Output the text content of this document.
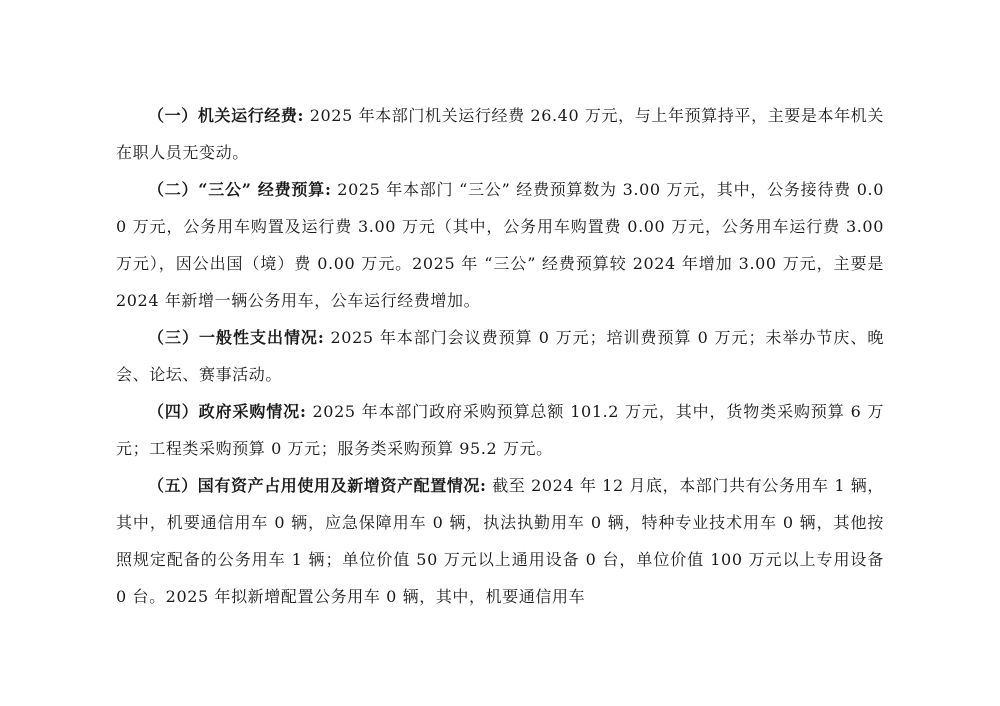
（一）机关运行经费: 2025 年本部门机关运行经费 26.40 万元，与上年预算持平，主要是本年机关在职人员无变动。

（二）“三公” 经费预算: 2025 年本部门 “三公” 经费预算数为 3.00 万元，其中，公务接待费 0.00 万元，公务用车购置及运行费 3.00 万元（其中，公务用车购置费 0.00 万元，公务用车运行费 3.00 万元），因公出国（境）费 0.00 万元。2025 年 “三公” 经费预算较 2024 年增加 3.00 万元，主要是 2024 年新增一辆公务用车，公车运行经费增加。

（三）一般性支出情况: 2025 年本部门会议费预算 0 万元；培训费预算 0 万元；未举办节庆、晚会、论坛、赛事活动。

（四）政府采购情况: 2025 年本部门政府采购预算总额 101.2 万元，其中，货物类采购预算 6 万元；工程类采购预算 0 万元；服务类采购预算 95.2 万元。

（五）国有资产占用使用及新增资产配置情况: 截至 2024 年 12 月底，本部门共有公务用车 1 辆，其中，机要通信用车 0 辆，应急保障用车 0 辆，执法执勤用车 0 辆，特种专业技术用车 0 辆，其他按照规定配备的公务用车 1 辆；单位价值 50 万元以上通用设备 0 台，单位价值 100 万元以上专用设备 0 台。2025 年拟新增配置公务用车 0 辆，其中，机要通信用车
